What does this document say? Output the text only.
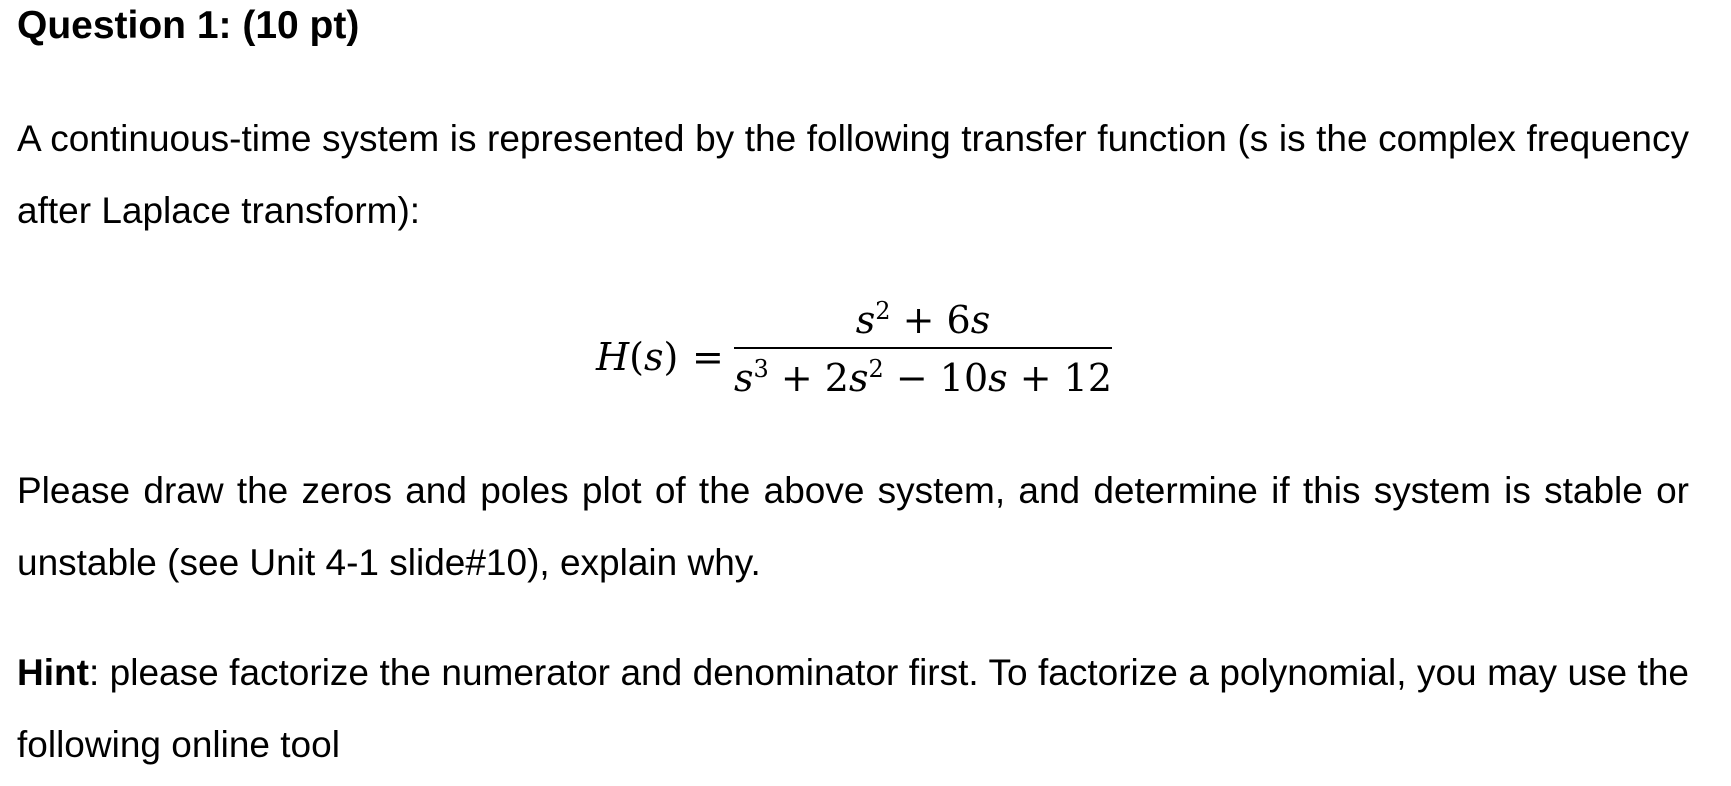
Question 1: (10 pt)
A continuous-time system is represented by the following transfer function (s is the complex frequency after Laplace transform):
H(s) =
$s^2 + 6s$
$s^3 + 2s^2 - 10s + 12$
Please draw the zeros and poles plot of the above system, and determine if this system is stable or unstable (see Unit 4-1 slide#10), explain why.
Hint: please factorize the numerator and denominator first. To factorize a polynomial, you may use the following online tool
